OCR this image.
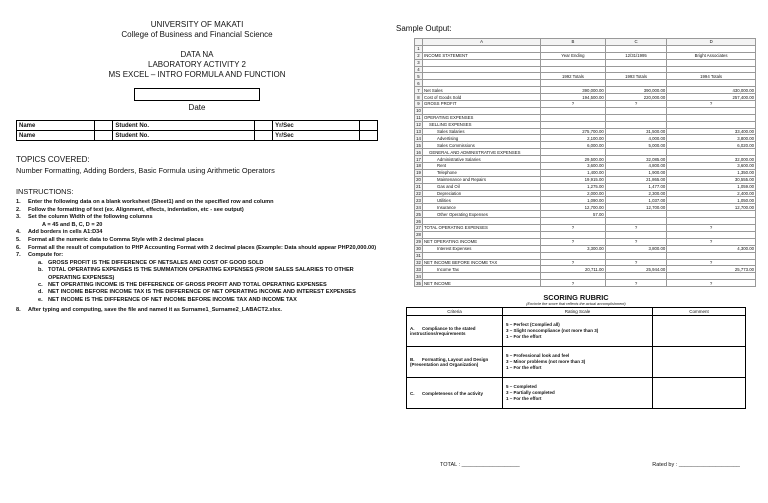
UNIVERSITY OF MAKATI
College of Business and Financial Science
DATA NA
LABORATORY ACTIVITY 2
MS EXCEL – INTRO FORMULA AND FUNCTION
Date
Name		Student No.		Yr/Sec	
Name		Student No.		Yr/Sec	
TOPICS COVERED:
Number Formatting, Adding Borders, Basic Formula using Arithmetic Operators
INSTRUCTIONS:
1.	Enter the following data on a blank worksheet (Sheet1) and on the specified row and column
2.	Follow the formatting of text (ex. Alignment, effects, indentation, etc - see output)
3.	Set the column Width of the following columns
A = 45 and B, C, D = 20
4.	Add borders in cells A1:D34
5.	Format all the numeric data to Comma Style with 2 decimal places
6.	Format all the result of computation to PHP Accounting Format with 2 decimal places (Example: Data should appear PHP20,000.00)
7.	Compute for:
a. GROSS PROFIT IS THE DIFFERENCE OF NETSALES AND COST OF GOOD SOLD
b. TOTAL OPERATING EXPENSES IS THE SUMMATION OPERATING EXPENSES (FROM SALES SALARIES TO OTHER OPERATING EXPENSES)
c. NET OPERATING INCOME IS THE DIFFERENCE OF GROSS PROFIT AND TOTAL OPERATING EXPENSES
d. NET INCOME BEFORE INCOME TAX IS THE DIFFERENCE OF NET OPERATING INCOME AND INTEREST EXPENSES
e. NET INCOME IS THE DIFFERENCE OF NET INCOME BEFORE INCOME TAX AND INCOME TAX
8.	After typing and computing, save the file and named it as Surname1_Surname2_LABACT2.xlsx.
Sample Output:
	A	B	C	D
1				
2	INCOME STATEMENT	Year Ending	12/31/1995	Bright Associates
3				
4				
5		1992 Totals	1993 Totals	1994 Totals
6				
7	Net Sales	390,000.00	390,000.00	430,000.00
8	Cost of Goods Sold	194,500.00	220,000.00	257,400.00
9	GROSS PROFIT	?	?	?
10				
11	OPERATING EXPENSES			
12	SELLING EXPENSES			
13	Sales Salaries	275,700.00	31,500.00	33,400.00
14	Advertising	2,100.00	4,000.00	3,800.00
15	Sales Commissions	6,000.00	5,000.00	6,020.00
16	GENERAL AND ADMINISTRATIVE EXPENSES			
17	Administrative Salaries	29,500.00	32,085.00	32,000.00
18	Rent	3,600.00	4,800.00	3,600.00
19	Telephone	1,400.00	1,900.00	1,350.00
20	Maintenance and Repairs	19,915.00	21,865.00	30,555.00
21	Gas and Oil	1,275.00	1,477.00	1,059.00
22	Depreciation	2,000.00	2,300.00	2,400.00
23	Utilities	1,090.00	1,037.00	1,050.00
24	Insurance	12,700.00	12,700.00	12,700.00
25	Other Operating Expenses	57.00		
26				
27	TOTAL OPERATING EXPENSES	?	?	?
28				
29	NET OPERATING INCOME	?	?	?
30	Interest Expenses	3,300.00	3,800.00	4,300.00
31				
32	NET INCOME BEFORE INCOME TAX	?	?	?
33	Income Tax	20,711.00	25,944.00	25,773.00
34				
35	NET INCOME	?	?	?
SCORING RUBRIC
(Encircle the score that reflects the actual accomplishment)
Criteria	Rating Scale	Comment
A. Compliance to the stated instructions/requirements	5 – Perfect (Complied all)
3 – Slight noncompliance (not more than 3)
1 – For the effort	

B. Formatting, Layout and Design (Presentation and Organization)	5 – Professional look and feel
3 – Minor problems (not more than 3)
1 – For the effort	

C. Completeness of the activity	5 – Completed
3 – Partially completed
1 – For the effort	

TOTAL : ___________________	Rated by : ____________________
